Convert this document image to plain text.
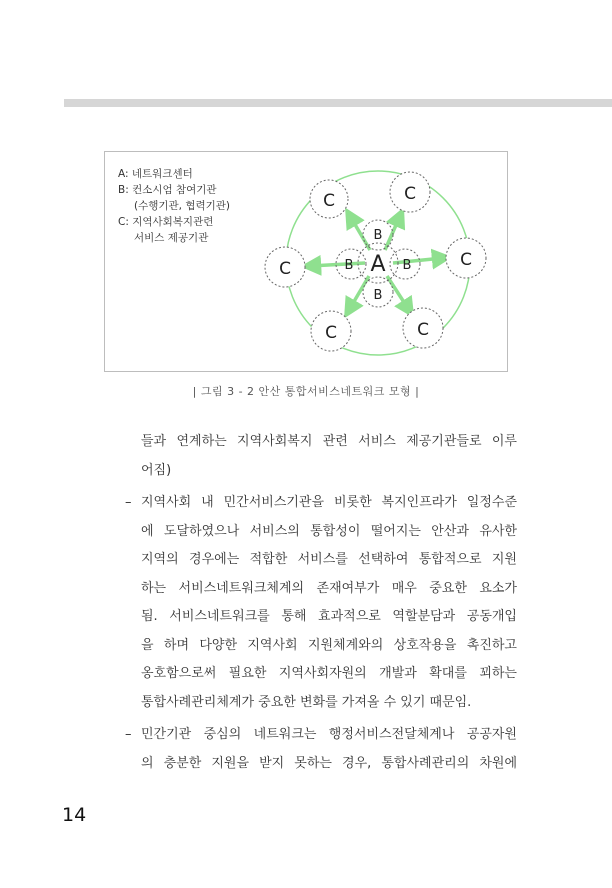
A: 네트워크센터
B: 컨소시엄 참여기관
(수행기관, 협력기관)
C: 지역사회복지관련
서비스 제공기관
A
B
B	B
B
C	C
C	C
C	C
| 그림 3 - 2 안산 통합서비스네트워크 모형 |
들과 연계하는 지역사회복지 관련 서비스 제공기관들로 이루
어짐)
– 지역사회 내 민간서비스기관을 비롯한 복지인프라가 일정수준
에 도달하였으나 서비스의 통합성이 떨어지는 안산과 유사한
지역의 경우에는 적합한 서비스를 선택하여 통합적으로 지원
하는 서비스네트워크체계의 존재여부가 매우 중요한 요소가
됨. 서비스네트워크를 통해 효과적으로 역할분담과 공동개입
을 하며 다양한 지역사회 지원체계와의 상호작용을 촉진하고
옹호함으로써 필요한 지역사회자원의 개발과 확대를 꾀하는
통합사례관리체계가 중요한 변화를 가져올 수 있기 때문임.
– 민간기관 중심의 네트워크는 행정서비스전달체계나 공공자원
의 충분한 지원을 받지 못하는 경우, 통합사례관리의 차원에
14
